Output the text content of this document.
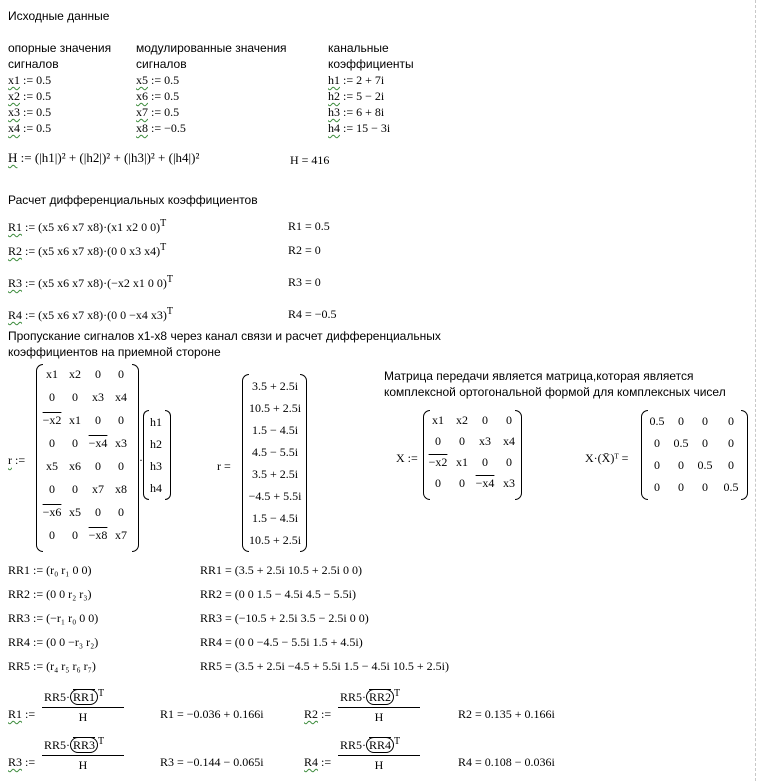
Исходные данные
опорные значения
сигналов
модулированные значения
сигналов
канальные
коэффициенты
x1 := 0.5
x2 := 0.5
x3 := 0.5
x4 := 0.5
x5 := 0.5
x6 := 0.5
x7 := 0.5
x8 := −0.5
h1 := 2 + 7i
h2 := 5 − 2i
h3 := 6 + 8i
h4 := 15 − 3i
H := (|h1|)² + (|h2|)² + (|h3|)² + (|h4|)²	H = 416
Расчет дифференциальных коэффициентов
R1 := (x5 x6 x7 x8)·(x1 x2 0 0)$^T$	R1 = 0.5
R2 := (x5 x6 x7 x8)·(0 0 x3 x4)$^T$	R2 = 0
R3 := (x5 x6 x7 x8)·(−x2 x1 0 0)$^T$	R3 = 0
R4 := (x5 x6 x7 x8)·(0 0 −x4 x3)$^T$	R4 = −0.5
Пропускание сигналов x1-x8 через канал связи и расчет дифференциальных
коэффициентов на приемной стороне
Матрица передачи является матрица,которая является
комплексной ортогональной формой для комплексных чисел
r :=
x1 x2	0	0
0	0	x3 x4
−x2 x1	0	0
0	0 −x4 x3
x5 x6	0	0
0	0	x7 x8
−x6 x5	0	0
0	0 −x8 x7
·
h1
h2
h3
h4
r =
3.5 + 2.5i
10.5 + 2.5i
1.5 − 4.5i
4.5 − 5.5i
3.5 + 2.5i
−4.5 + 5.5i
1.5 − 4.5i
10.5 + 2.5i
X :=
x1	x2	0	0
0	0	x3	x4
−x2 x1	0	0
0	0 −x4 x3
X·(X̄)ᵀ =
0.5	0	0	0
0	0.5	0	0
0	0	0.5	0
0	0	0	0.5
RR1 := (r₀ r₁ 0 0)	RR1 = (3.5 + 2.5i 10.5 + 2.5i 0 0)
RR2 := (0 0 r₂ r₃)	RR2 = (0 0 1.5 − 4.5i 4.5 − 5.5i)
RR3 := (−r₁ r₀ 0 0)	RR3 = (−10.5 + 2.5i 3.5 − 2.5i 0 0)
RR4 := (0 0 −r₃ r₂)	RR4 = (0 0 −4.5 − 5.5i 1.5 + 4.5i)
RR5 := (r₄ r₅ r₆ r₇)	RR5 = (3.5 + 2.5i −4.5 + 5.5i 1.5 − 4.5i 10.5 + 2.5i)
R1 :=
RR5· RR1 $^T$
H	R1 = −0.036 + 0.166i	R2 :=
RR5· RR2 $^T$
H	R2 = 0.135 + 0.166i
R3 :=
RR5· RR3 $^T$
H	R3 = −0.144 − 0.065i	R4 :=
RR5· RR4 $^T$
H	R4 = 0.108 − 0.036i
